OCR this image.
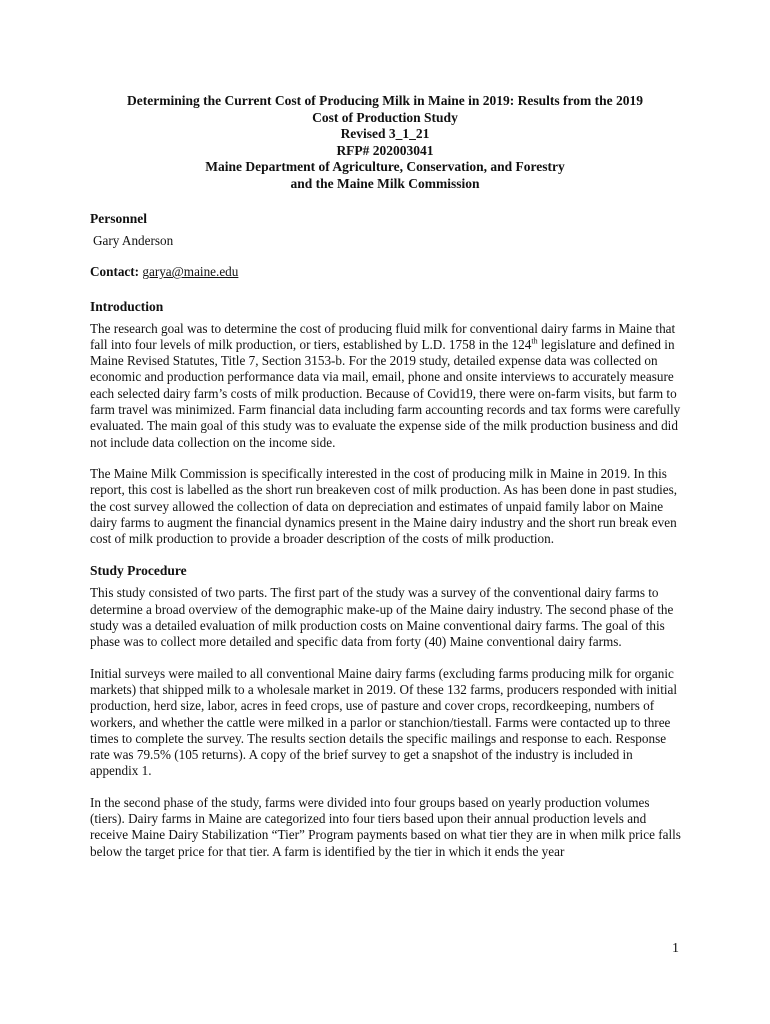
Determining the Current Cost of Producing Milk in Maine in 2019: Results from the 2019
Cost of Production Study
Revised 3_1_21
RFP# 202003041
Maine Department of Agriculture, Conservation, and Forestry
and the Maine Milk Commission
Personnel
Gary Anderson
Contact: garya@maine.edu
Introduction
The research goal was to determine the cost of producing fluid milk for conventional dairy farms in Maine that fall into four levels of milk production, or tiers, established by L.D. 1758 in the 124th legislature and defined in Maine Revised Statutes, Title 7, Section 3153-b. For the 2019 study, detailed expense data was collected on economic and production performance data via mail, email, phone and onsite interviews to accurately measure each selected dairy farm’s costs of milk production. Because of Covid19, there were on-farm visits, but farm to farm travel was minimized. Farm financial data including farm accounting records and tax forms were carefully evaluated. The main goal of this study was to evaluate the expense side of the milk production business and did not include data collection on the income side.
The Maine Milk Commission is specifically interested in the cost of producing milk in Maine in 2019. In this report, this cost is labelled as the short run breakeven cost of milk production. As has been done in past studies, the cost survey allowed the collection of data on depreciation and estimates of unpaid family labor on Maine dairy farms to augment the financial dynamics present in the Maine dairy industry and the short run break even cost of milk production to provide a broader description of the costs of milk production.
Study Procedure
This study consisted of two parts. The first part of the study was a survey of the conventional dairy farms to determine a broad overview of the demographic make-up of the Maine dairy industry. The second phase of the study was a detailed evaluation of milk production costs on Maine conventional dairy farms. The goal of this phase was to collect more detailed and specific data from forty (40) Maine conventional dairy farms.
Initial surveys were mailed to all conventional Maine dairy farms (excluding farms producing milk for organic markets) that shipped milk to a wholesale market in 2019. Of these 132 farms, producers responded with initial production, herd size, labor, acres in feed crops, use of pasture and cover crops, recordkeeping, numbers of workers, and whether the cattle were milked in a parlor or stanchion/tiestall. Farms were contacted up to three times to complete the survey. The results section details the specific mailings and response to each. Response rate was 79.5% (105 returns). A copy of the brief survey to get a snapshot of the industry is included in appendix 1.
In the second phase of the study, farms were divided into four groups based on yearly production volumes (tiers). Dairy farms in Maine are categorized into four tiers based upon their annual production levels and receive Maine Dairy Stabilization “Tier” Program payments based on what tier they are in when milk price falls below the target price for that tier. A farm is identified by the tier in which it ends the year
1
